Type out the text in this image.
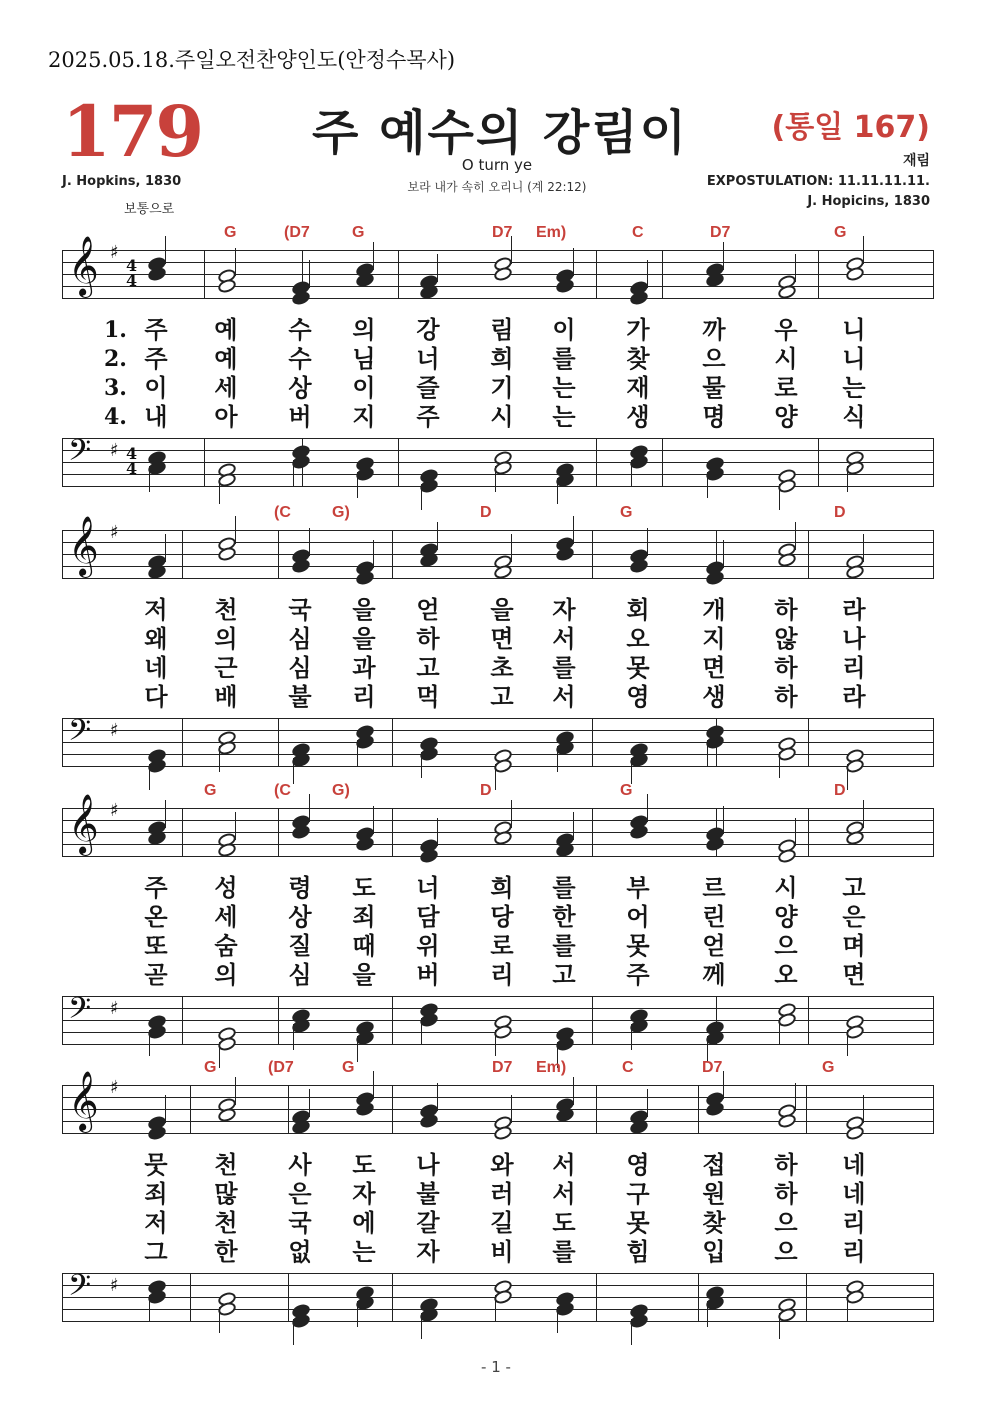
2025.05.18.주일오전찬양인도(안정수목사)
179 주 예수의 강림이	(통일 167)
O turn ye
보라 내가 속히 오리니 (계 22:12)
J. Hopkins, 1830
보통으로
재림
EXPOSTULATION: 11.11.11.11.
J. Hopicins, 1830
G	(D7	G	D7 Em)	C	D7	G
𝄞 ♯
4
4
1. 주 예 수 의 강 림 이 가 까 우 니
2. 주 예 수 님 너 희 를 찾 으 시 니
3. 이 세 상 이 즐 기 는 재 물 로 는
4. 내 아 버 지 주 시 는 생 명 양 식
𝄢 ♯ 4
4
(C	G)	D	G	D
𝄞 ♯
저 천 국 을 얻 을 자 회 개 하 라
왜 의 심 을 하 면 서 오 지 않 나
네 근 심 과 고 초 를 못 면 하 리
다 배 불 리 먹 고 서 영 생 하 라
𝄢 ♯
G	(C	G)	D	G	D
𝄞 ♯
주 성 령 도 너 희 를 부 르 시 고
온 세 상 죄 담 당 한 어 린 양 은
또 숨 질 때 위 로 를 못 얻 으 며
곧 의 심 을 버 리 고 주 께 오 면
𝄢 ♯
G	(D7	G	D7 Em)	C	D7	G
𝄞 ♯
뭇 천 사 도 나 와 서 영 접 하 네
죄 많 은 자 불 러 서 구 원 하 네
저 천 국 에 갈 길 도 못 찾 으 리
그 한 없 는 자 비 를 힘 입 으 리
𝄢 ♯
- 1 -
